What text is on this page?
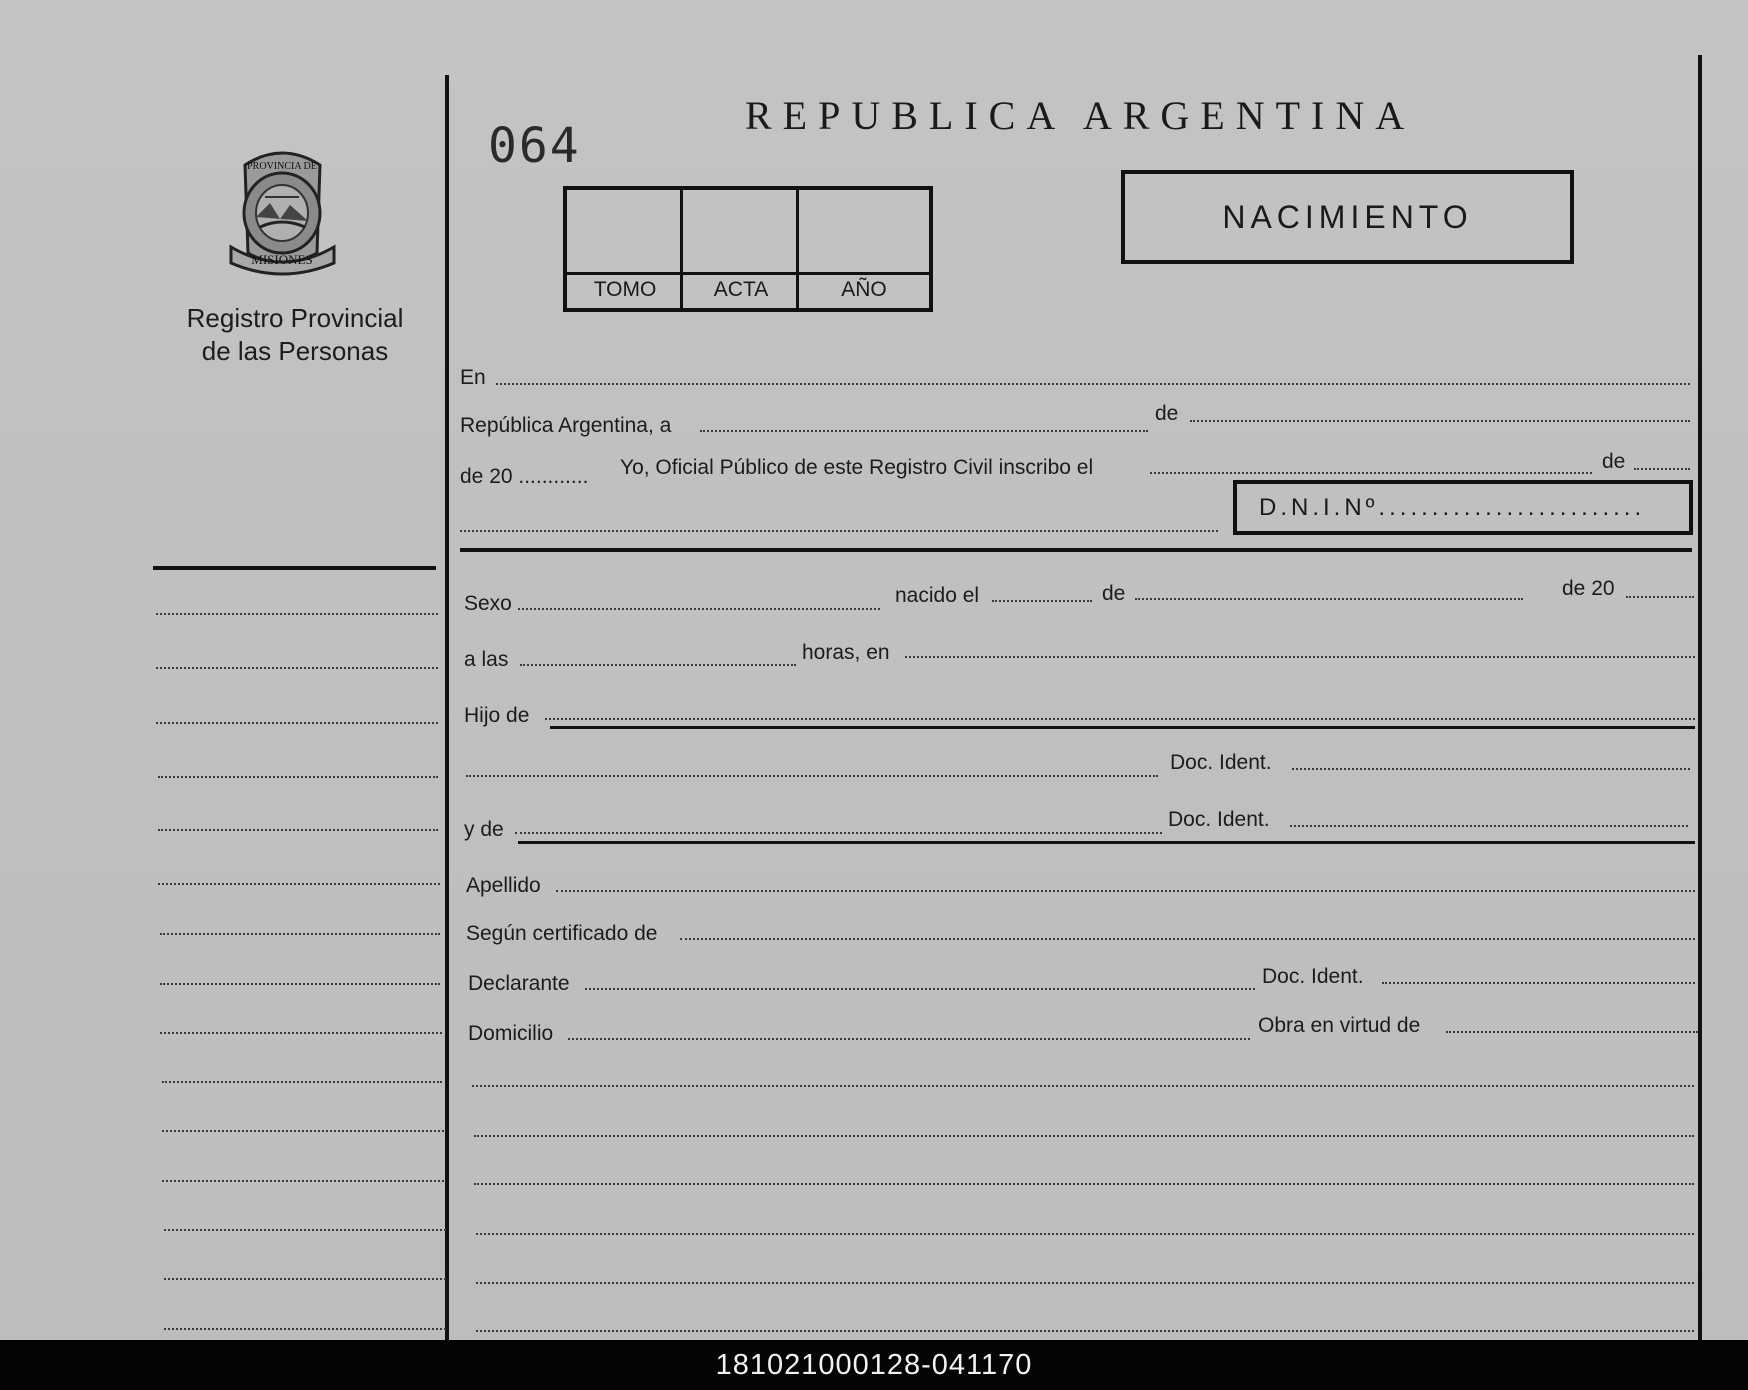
PROVINCIA DE
MISIONES
Registro Provincial
de las Personas
064
REPUBLICA ARGENTINA
TOMO	ACTA	AÑO
NACIMIENTO
En
República Argentina, a
de
de 20 ............ Yo, Oficial Público de este Registro Civil inscribo el	de
D.N.I.Nº.........................
Sexo	nacido el	de	de 20
a las	horas, en
Hijo de
Doc. Ident.
y de	Doc. Ident.
Apellido
Según certificado de
Declarante	Doc. Ident.
Domicilio	Obra en virtud de
181021000128-041170
